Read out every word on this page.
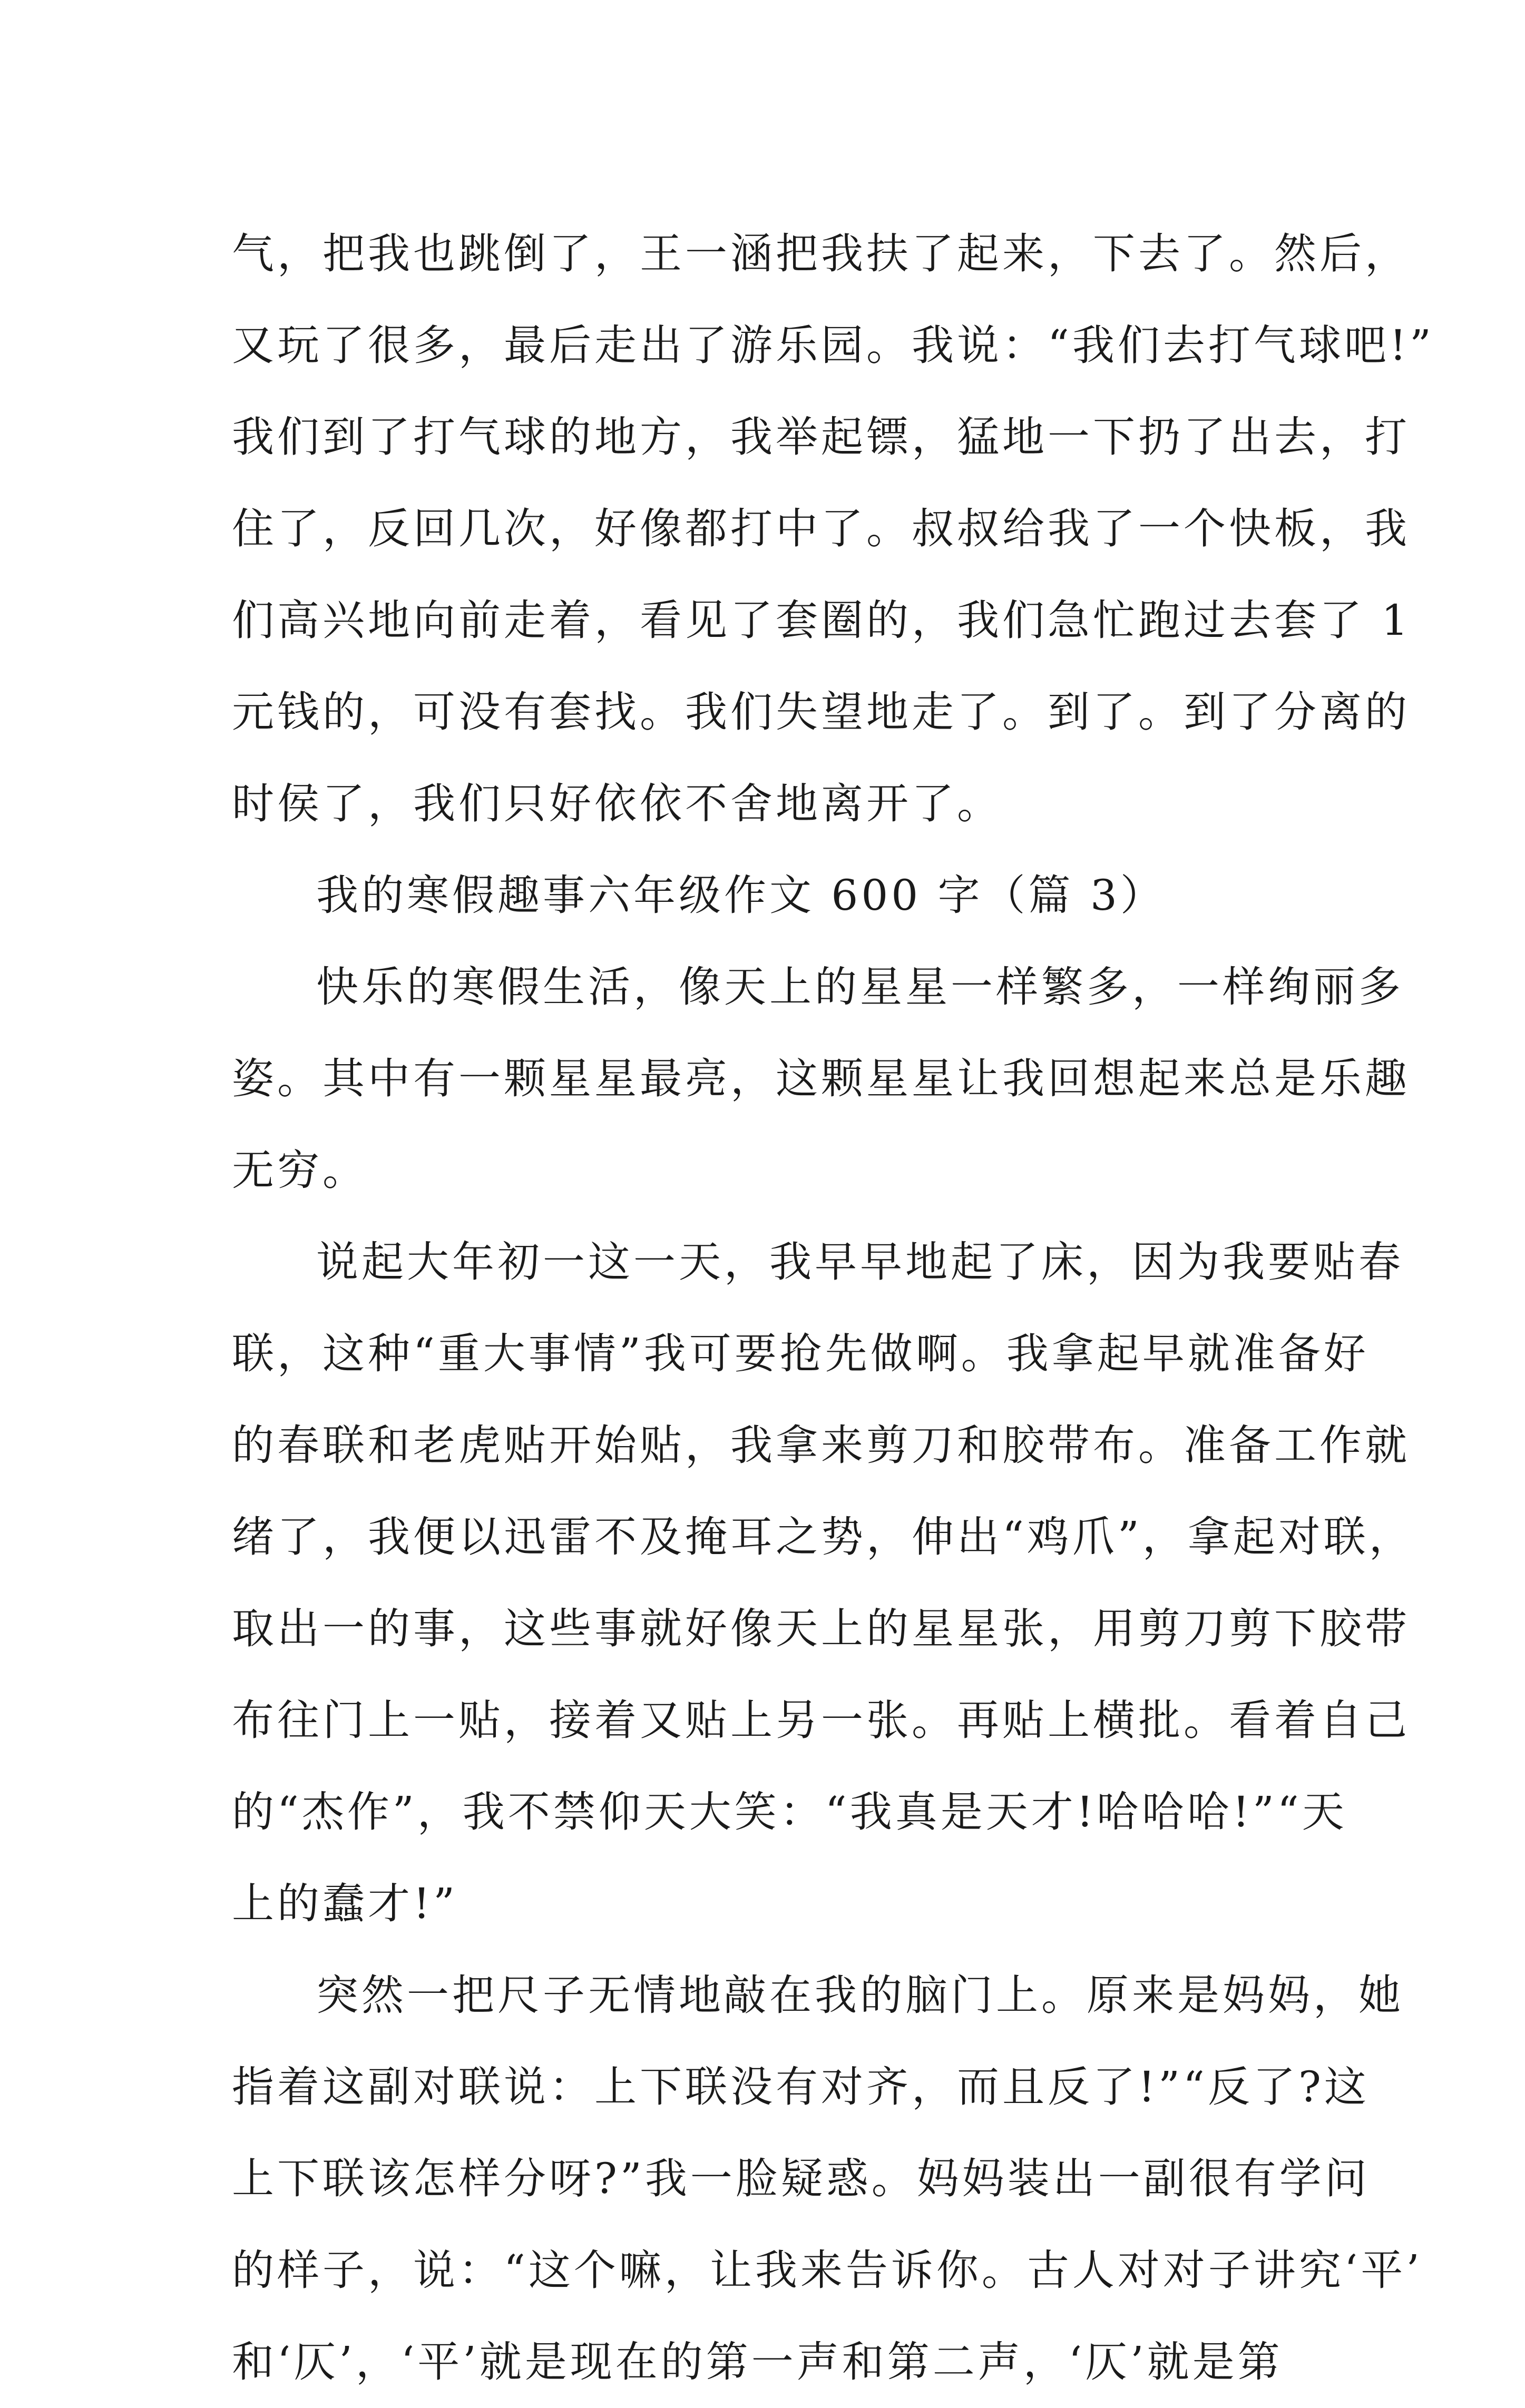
气，把我也跳倒了，王一涵把我扶了起来，下去了。然后，
又玩了很多，最后走出了游乐园。我说：“我们去打气球吧!”
我们到了打气球的地方，我举起镖，猛地一下扔了出去，打
住了，反回几次，好像都打中了。叔叔给我了一个快板，我
们高兴地向前走着，看见了套圈的，我们急忙跑过去套了 1
元钱的，可没有套找。我们失望地走了。到了。到了分离的
时侯了，我们只好依依不舍地离开了。
我的寒假趣事六年级作文 600 字（篇 3）
快乐的寒假生活，像天上的星星一样繁多，一样绚丽多
姿。其中有一颗星星最亮，这颗星星让我回想起来总是乐趣
无穷。
说起大年初一这一天，我早早地起了床，因为我要贴春
联，这种“重大事情”我可要抢先做啊。我拿起早就准备好
的春联和老虎贴开始贴，我拿来剪刀和胶带布。准备工作就
绪了，我便以迅雷不及掩耳之势，伸出“鸡爪”，拿起对联，
取出一的事，这些事就好像天上的星星张，用剪刀剪下胶带
布往门上一贴，接着又贴上另一张。再贴上横批。看着自己
的“杰作”，我不禁仰天大笑：“我真是天才!哈哈哈!”“天
上的蠢才!”
突然一把尺子无情地敲在我的脑门上。原来是妈妈，她
指着这副对联说：上下联没有对齐，而且反了!”“反了?这
上下联该怎样分呀?”我一脸疑惑。妈妈装出一副很有学问
的样子，说：“这个嘛，让我来告诉你。古人对对子讲究‘平’
和‘仄’，‘平’就是现在的第一声和第二声，‘仄’就是第
